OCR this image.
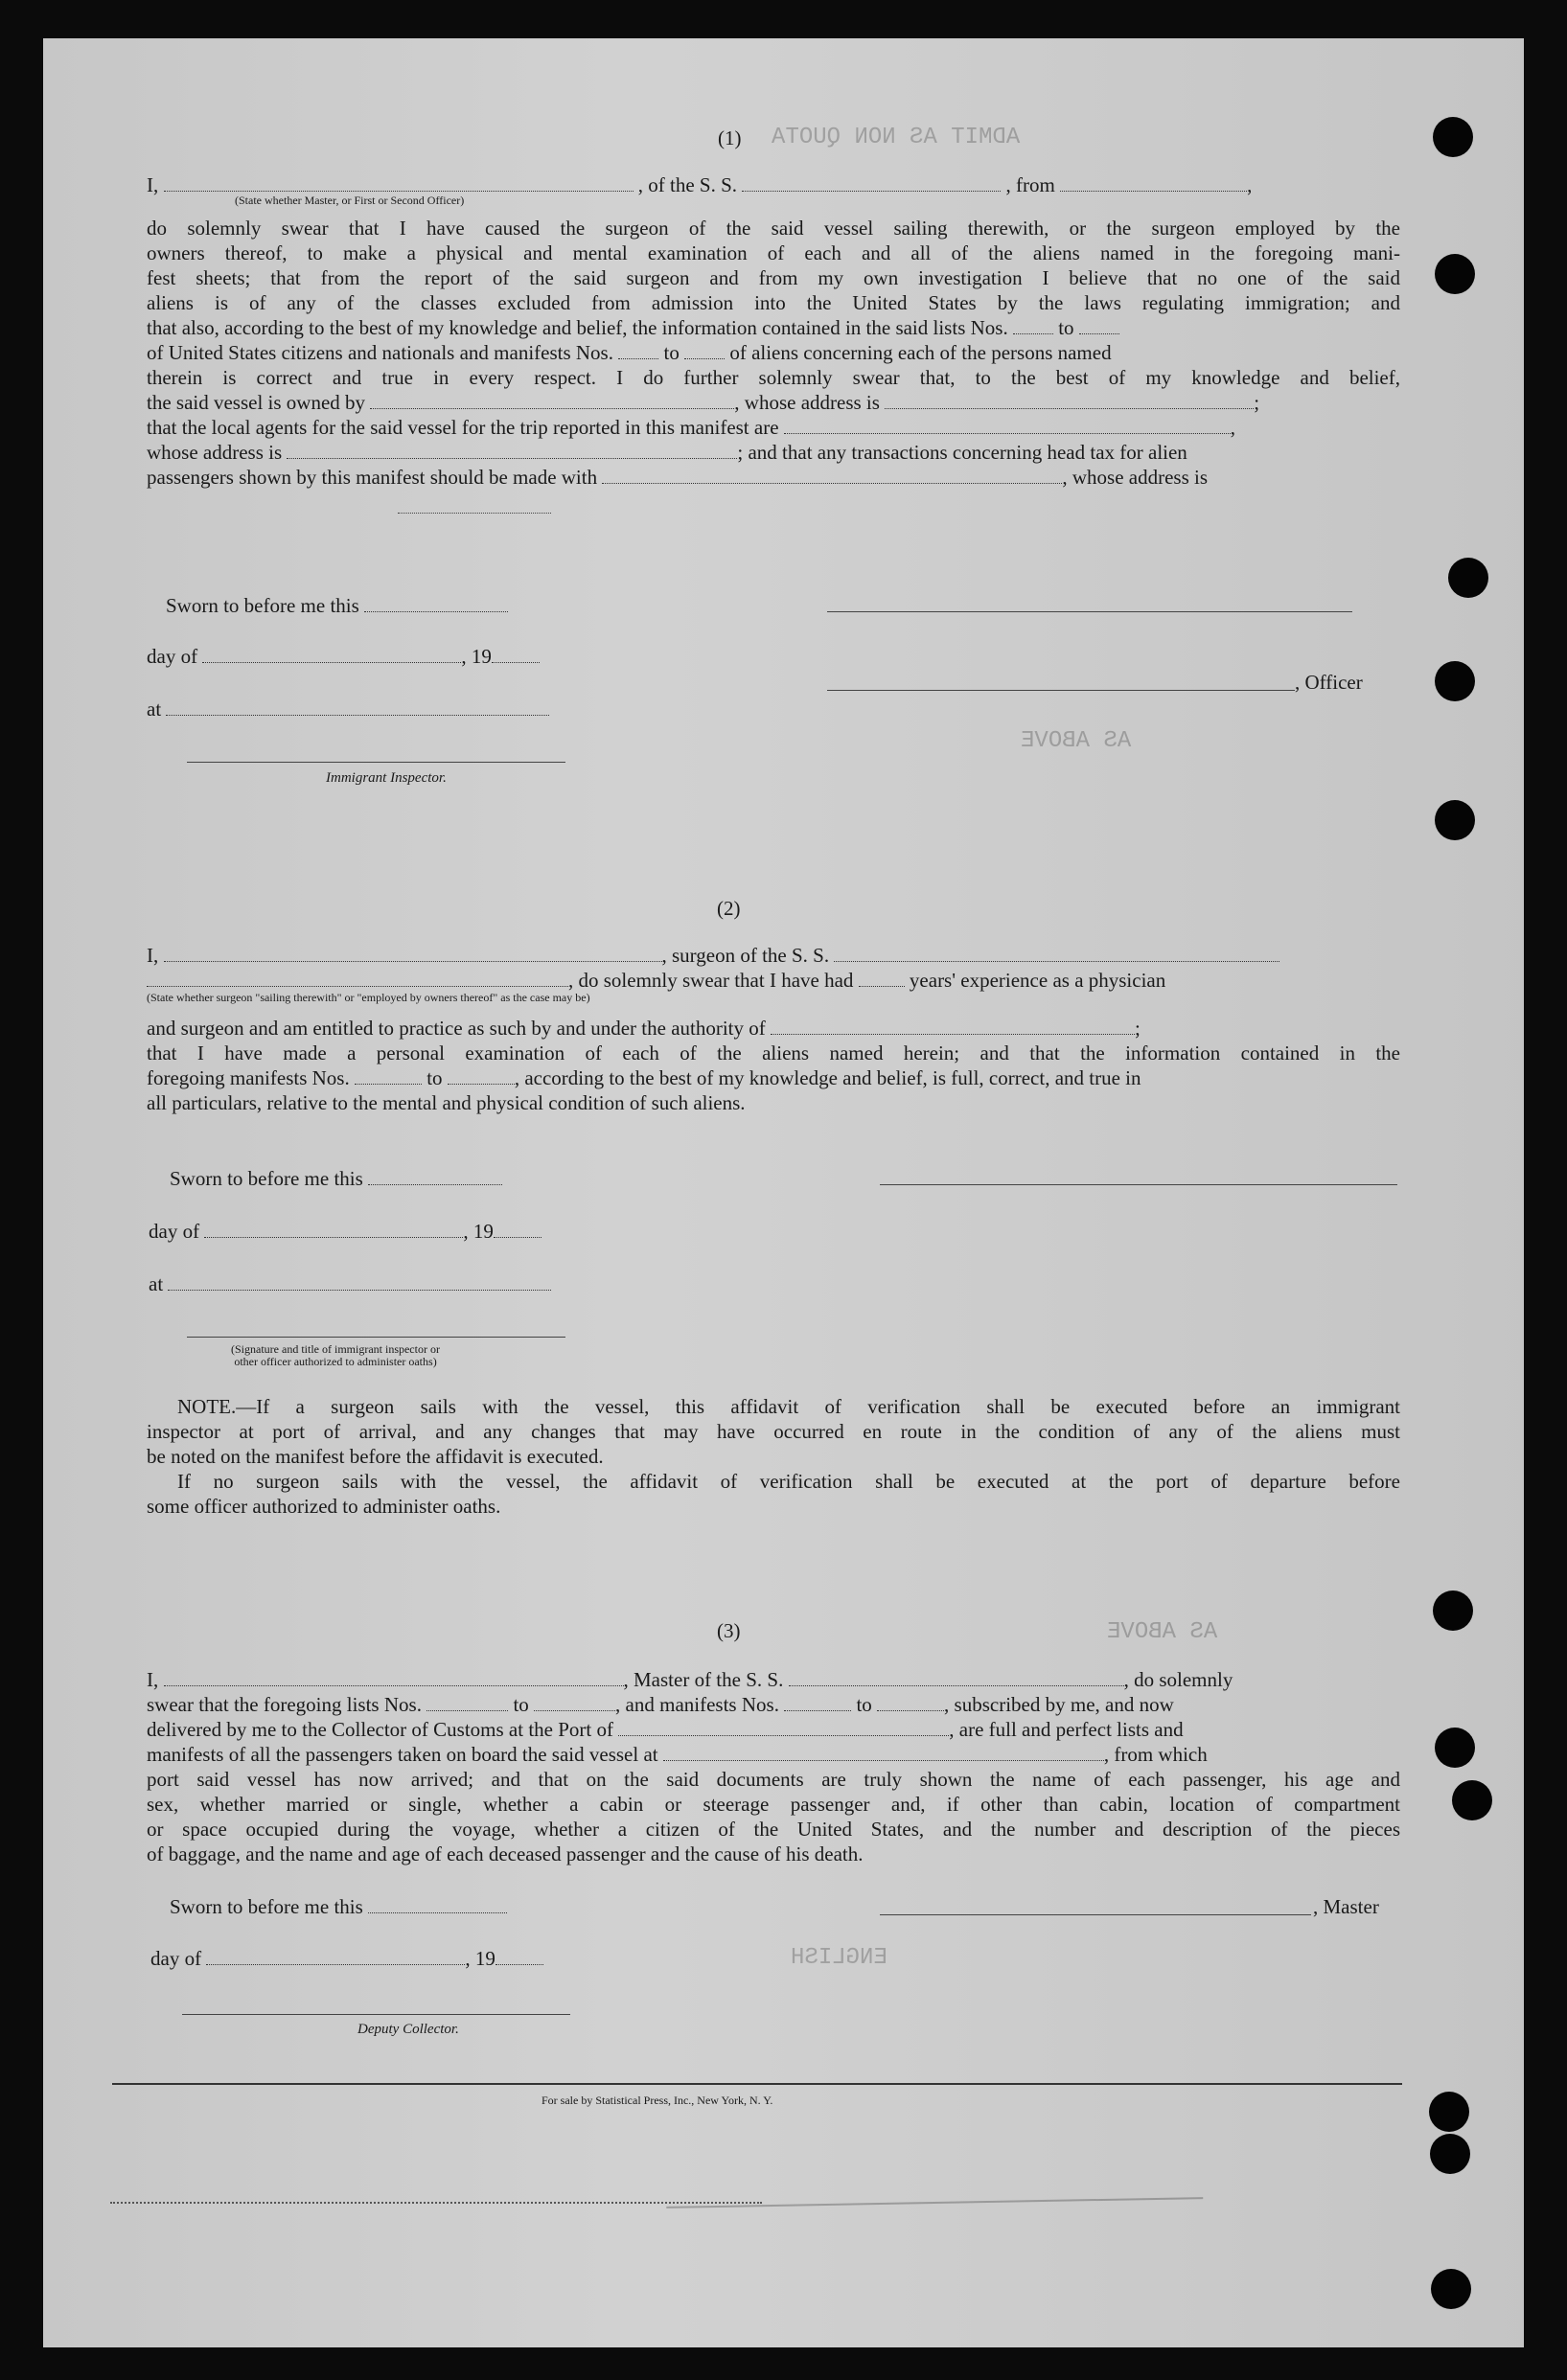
ADMIT AS NON QUOTA
AS ABOVE
AS ABOVE
ENGLISH
(1)
I,	, of the S. S.	, from	,
(State whether Master, or First or Second Officer)
do solemnly swear that I have caused the surgeon of the said vessel sailing therewith, or the surgeon employed by the
owners thereof, to make a physical and mental examination of each and all of the aliens named in the foregoing mani-
fest sheets; that from the report of the said surgeon and from my own investigation I believe that no one of the said
aliens is of any of the classes excluded from admission into the United States by the laws regulating immigration; and
that also, according to the best of my knowledge and belief, the information contained in the said lists Nos.	to
of United States citizens and nationals and manifests Nos.	to	of aliens concerning each of the persons named
therein is correct and true in every respect. I do further solemnly swear that, to the best of my knowledge and belief,
the said vessel is owned by	, whose address is	;
that the local agents for the said vessel for the trip reported in this manifest are	,
whose address is	; and that any transactions concerning head tax for alien
passengers shown by this manifest should be made with	, whose address is
Sworn to before me this
day of	, 19
at
Immigrant Inspector.
, Officer
(2)
I,	, surgeon of the S. S.
, do solemnly swear that I have had	years' experience as a physician
(State whether surgeon "sailing therewith" or "employed by owners thereof" as the case may be)
and surgeon and am entitled to practice as such by and under the authority of	;
that I have made a personal examination of each of the aliens named herein; and that the information contained in the
foregoing manifests Nos.	to	, according to the best of my knowledge and belief, is full, correct, and true in
all particulars, relative to the mental and physical condition of such aliens.
Sworn to before me this
day of	, 19
at
(Signature and title of immigrant inspector or
other officer authorized to administer oaths)
NOTE.—If a surgeon sails with the vessel, this affidavit of verification shall be executed before an immigrant
inspector at port of arrival, and any changes that may have occurred en route in the condition of any of the aliens must
be noted on the manifest before the affidavit is executed.
If no surgeon sails with the vessel, the affidavit of verification shall be executed at the port of departure before
some officer authorized to administer oaths.
(3)
I,	, Master of the S. S.	, do solemnly
swear that the foregoing lists Nos.	to	, and manifests Nos.	to	, subscribed by me, and now
delivered by me to the Collector of Customs at the Port of	, are full and perfect lists and
manifests of all the passengers taken on board the said vessel at	, from which
port said vessel has now arrived; and that on the said documents are truly shown the name of each passenger, his age and
sex, whether married or single, whether a cabin or steerage passenger and, if other than cabin, location of compartment
or space occupied during the voyage, whether a citizen of the United States, and the number and description of the pieces
of baggage, and the name and age of each deceased passenger and the cause of his death.
Sworn to before me this	, Master
day of	, 19
Deputy Collector.
For sale by Statistical Press, Inc., New York, N. Y.
